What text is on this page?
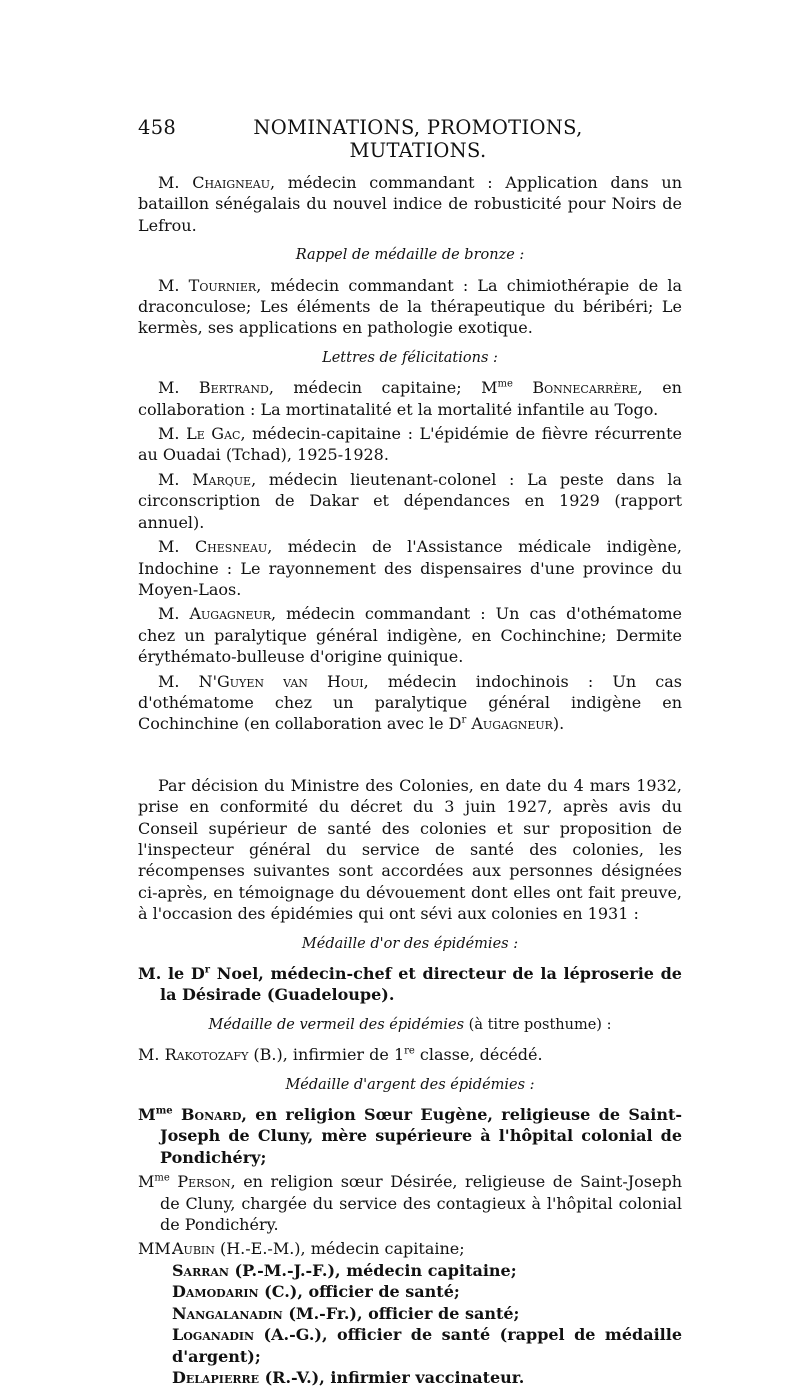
458	NOMINATIONS, PROMOTIONS, MUTATIONS.

M. Chaigneau, médecin commandant : Application dans un bataillon sénégalais du nouvel indice de robusticité pour Noirs de Lefrou.

Rappel de médaille de bronze :

M. Tournier, médecin commandant : La chimiothérapie de la draconculose; Les éléments de la thérapeutique du béribéri; Le kermès, ses applications en pathologie exotique.

Lettres de félicitations :

M. Bertrand, médecin capitaine; $M^{me}$ Bonnecarrère, en collaboration : La mortinatalité et la mortalité infantile au Togo.

M. Le Gac, médecin-capitaine : L'épidémie de fièvre récurrente au Ouadai (Tchad), 1925-1928.

M. Marque, médecin lieutenant-colonel : La peste dans la circonscription de Dakar et dépendances en 1929 (rapport annuel).

M. Chesneau, médecin de l'Assistance médicale indigène, Indochine : Le rayonnement des dispensaires d'une province du Moyen-Laos.

M. Augagneur, médecin commandant : Un cas d'othématome chez un paralytique général indigène, en Cochinchine; Dermite érythémato-bulleuse d'origine quinique.

M. N'Guyen van Houi, médecin indochinois : Un cas d'othématome chez un paralytique général indigène en Cochinchine (en collaboration avec le $D^r$ Augagneur).

Par décision du Ministre des Colonies, en date du 4 mars 1932, prise en conformité du décret du 3 juin 1927, après avis du Conseil supérieur de santé des colonies et sur proposition de l'inspecteur général du service de santé des colonies, les récompenses suivantes sont accordées aux personnes désignées ci-après, en témoignage du dévouement dont elles ont fait preuve, à l'occasion des épidémies qui ont sévi aux colonies en 1931 :

Médaille d'or des épidémies :

M. le $D^r$ Noel, médecin-chef et directeur de la léproserie de la Désirade (Guadeloupe).

Médaille de vermeil des épidémies (à titre posthume) :

M. Rakotozafy (B.), infirmier de 1re classe, décédé.

Médaille d'argent des épidémies :

$M^{me}$ Bonard, en religion Sœur Eugène, religieuse de Saint-Joseph de Cluny, mère supérieure à l'hôpital colonial de Pondichéry;

$M^{me}$ Person, en religion sœur Désirée, religieuse de Saint-Joseph de Cluny, chargée du service des contagieux à l'hôpital colonial de Pondichéry.

MM.
Aubin (H.-E.-M.), médecin capitaine;
Sarran (P.-M.-J.-F.), médecin capitaine;
Damodarin (C.), officier de santé;
Nangalanadin (M.-Fr.), officier de santé;
Loganadin (A.-G.), officier de santé (rappel de médaille d'argent);
Delapierre (R.-V.), infirmier vaccinateur.
